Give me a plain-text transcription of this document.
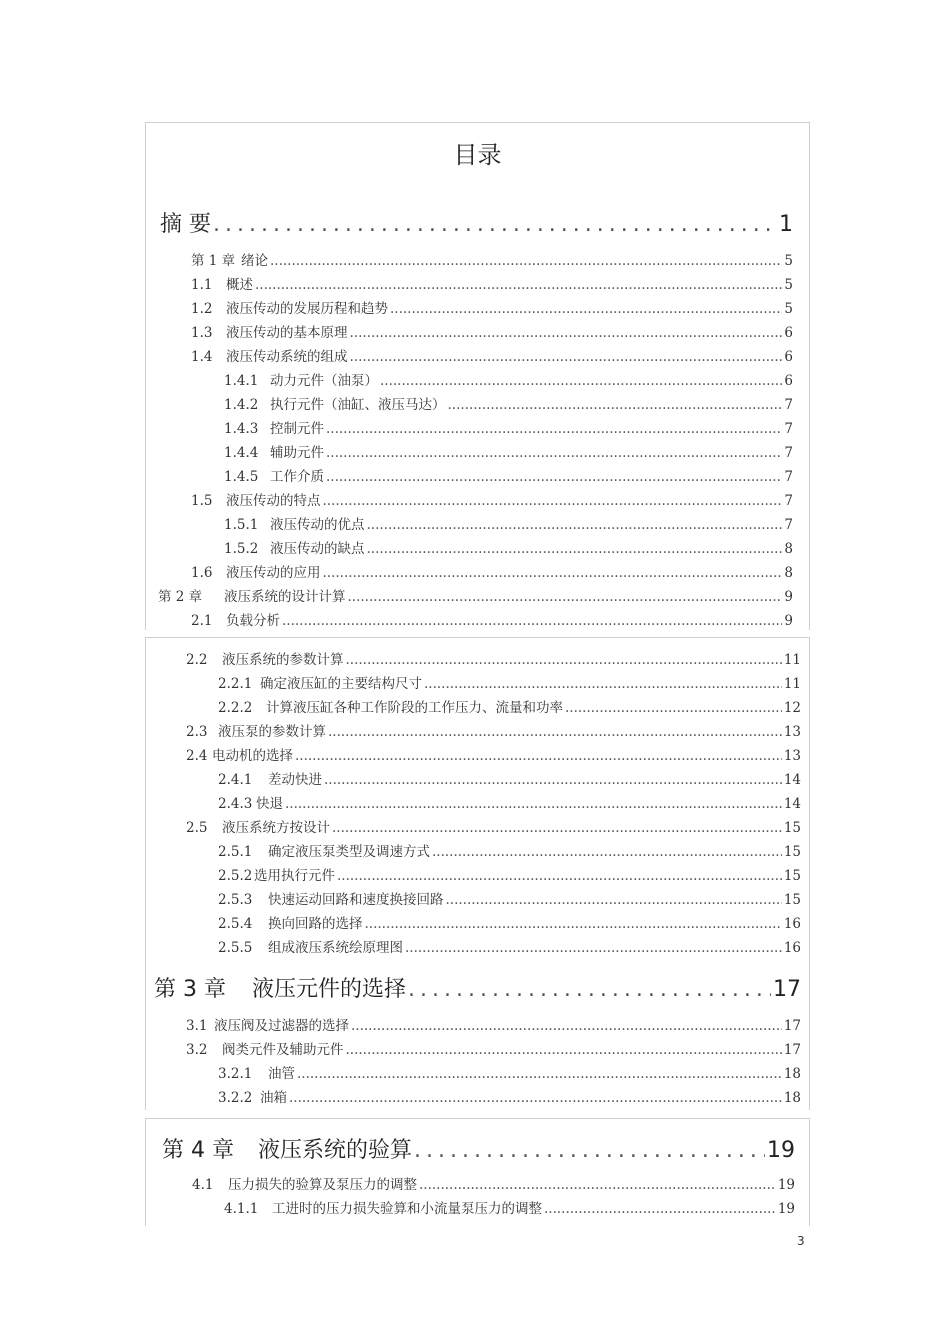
目录
摘 要 .....	1
第 1 章 绪论 .....	5
1.1 概述 .....	5
1.2 液压传动的发展历程和趋势 .....	5
1.3 液压传动的基本原理 .....	6
1.4 液压传动系统的组成 .....	6
1.4.1 动力元件（油泵） .....	6
1.4.2 执行元件（油缸、液压马达） .....	7
1.4.3 控制元件 .....	7
1.4.4 辅助元件 .....	7
1.4.5 工作介质 .....	7
1.5 液压传动的特点 .....	7
1.5.1 液压传动的优点 .....	7
1.5.2 液压传动的缺点 .....	8
1.6 液压传动的应用 .....	8
第 2 章 液压系统的设计计算 .....	9
2.1 负载分析 .....	9
2.2 液压系统的参数计算 .....	11
2.2.1 确定液压缸的主要结构尺寸 .....	11
2.2.2 计算液压缸各种工作阶段的工作压力、流量和功率 .....	12
2.3 液压泵的参数计算 .....	13
2.4 电动机的选择 .....	13
2.4.1 差动快进 .....	14
2.4.3 快退 .....	14
2.5 液压系统方按设计 .....	15
2.5.1 确定液压泵类型及调速方式 .....	15
2.5.2 选用执行元件 .....	15
2.5.3 快速运动回路和速度换接回路 .....	15
2.5.4 换向回路的选择 .....	16
2.5.5 组成液压系统绘原理图 .....	16
第 3 章 液压元件的选择 .....	17
3.1 液压阀及过滤器的选择 .....	17
3.2 阀类元件及辅助元件 .....	17
3.2.1 油管 .....	18
3.2.2 油箱 .....	18
第 4 章 液压系统的验算 .....	19
4.1 压力损失的验算及泵压力的调整 .....	19
4.1.1 工进时的压力损失验算和小流量泵压力的调整 .....	19
3
